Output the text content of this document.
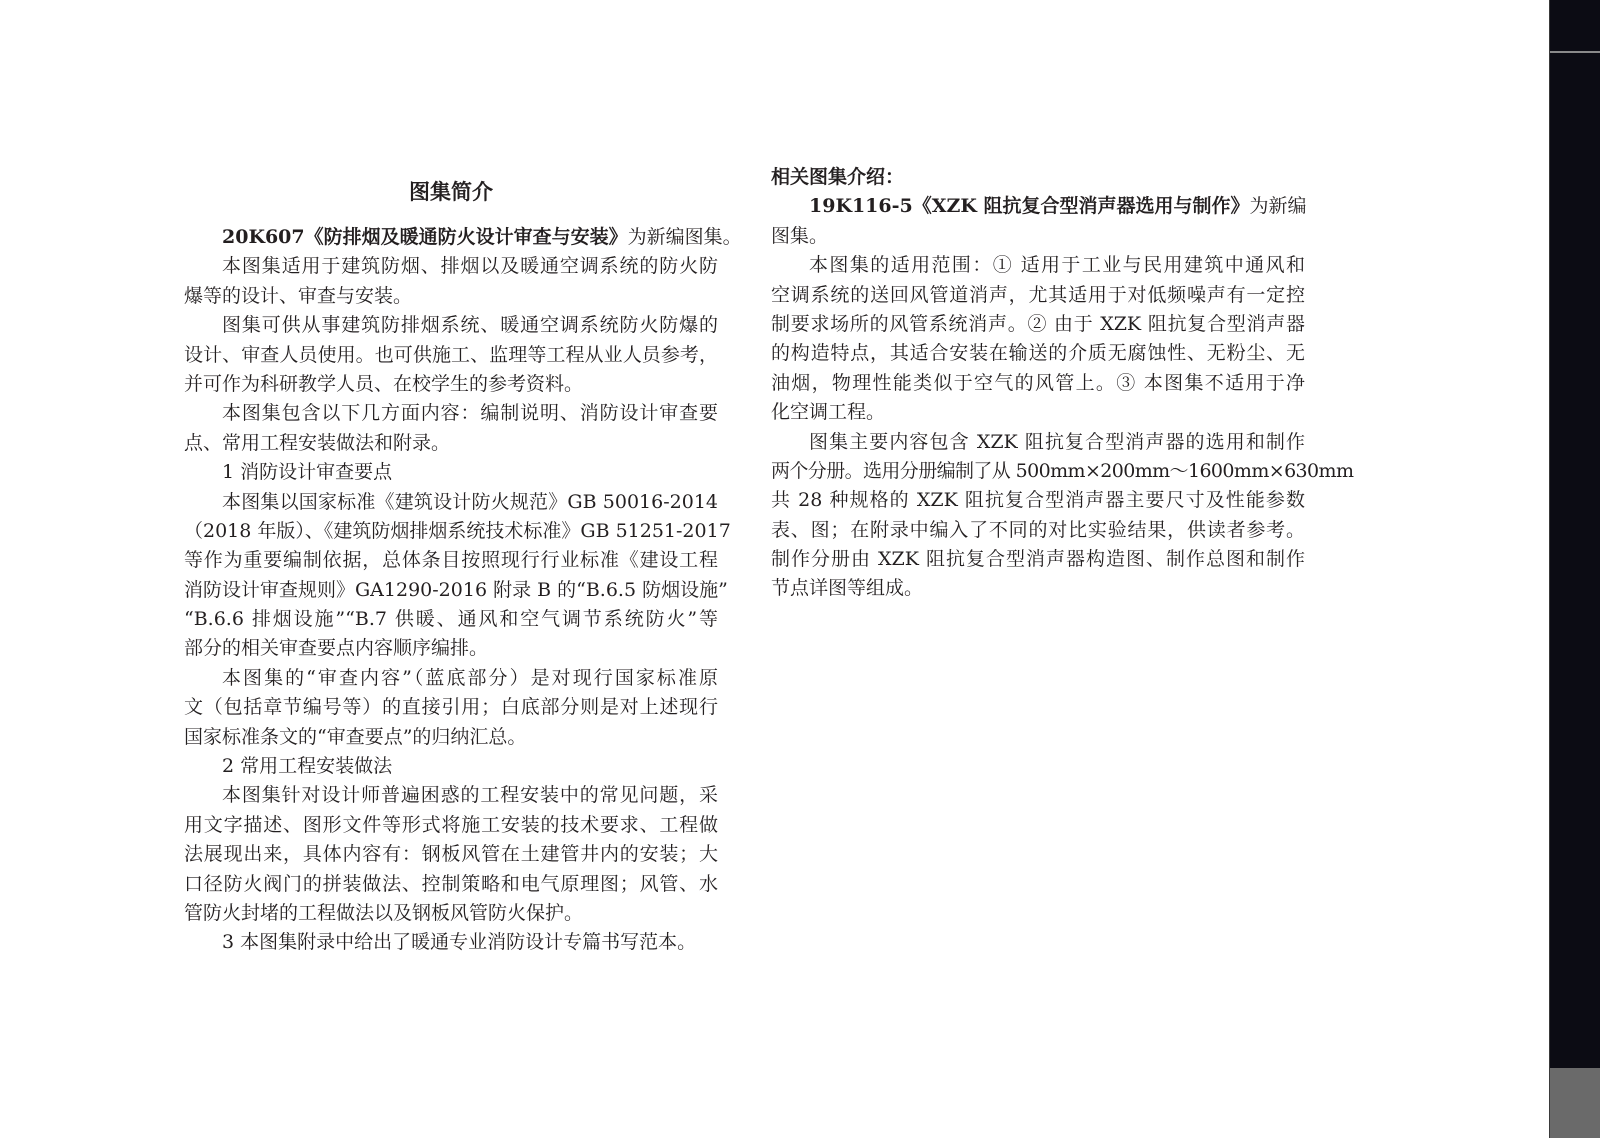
图集简介
20K607《防排烟及暖通防火设计审查与安装》为新编图集。
本图集适用于建筑防烟、排烟以及暖通空调系统的防火防
爆等的设计、审查与安装。
图集可供从事建筑防排烟系统、暖通空调系统防火防爆的
设计、审查人员使用。也可供施工、监理等工程从业人员参考，
并可作为科研教学人员、在校学生的参考资料。
本图集包含以下几方面内容：编制说明、消防设计审查要
点、常用工程安装做法和附录。
1 消防设计审查要点
本图集以国家标准《建筑设计防火规范》GB 50016-2014
（2018 年版）、《建筑防烟排烟系统技术标准》GB 51251-2017
等作为重要编制依据，总体条目按照现行行业标准《建设工程
消防设计审查规则》GA1290-2016 附录 B 的“B.6.5 防烟设施”
“B.6.6 排烟设施”“B.7 供暖、通风和空气调节系统防火”等
部分的相关审查要点内容顺序编排。
本图集的“审查内容”（蓝底部分）是对现行国家标准原
文（包括章节编号等）的直接引用；白底部分则是对上述现行
国家标准条文的“审查要点”的归纳汇总。
2 常用工程安装做法
本图集针对设计师普遍困惑的工程安装中的常见问题，采
用文字描述、图形文件等形式将施工安装的技术要求、工程做
法展现出来，具体内容有：钢板风管在土建管井内的安装；大
口径防火阀门的拼装做法、控制策略和电气原理图；风管、水
管防火封堵的工程做法以及钢板风管防火保护。
3 本图集附录中给出了暖通专业消防设计专篇书写范本。
相关图集介绍：
19K116-5《XZK 阻抗复合型消声器选用与制作》为新编
图集。
本图集的适用范围：① 适用于工业与民用建筑中通风和
空调系统的送回风管道消声，尤其适用于对低频噪声有一定控
制要求场所的风管系统消声。② 由于 XZK 阻抗复合型消声器
的构造特点，其适合安装在输送的介质无腐蚀性、无粉尘、无
油烟，物理性能类似于空气的风管上。③ 本图集不适用于净
化空调工程。
图集主要内容包含 XZK 阻抗复合型消声器的选用和制作
两个分册。选用分册编制了从 500mm×200mm～1600mm×630mm
共 28 种规格的 XZK 阻抗复合型消声器主要尺寸及性能参数
表、图；在附录中编入了不同的对比实验结果，供读者参考。
制作分册由 XZK 阻抗复合型消声器构造图、制作总图和制作
节点详图等组成。
